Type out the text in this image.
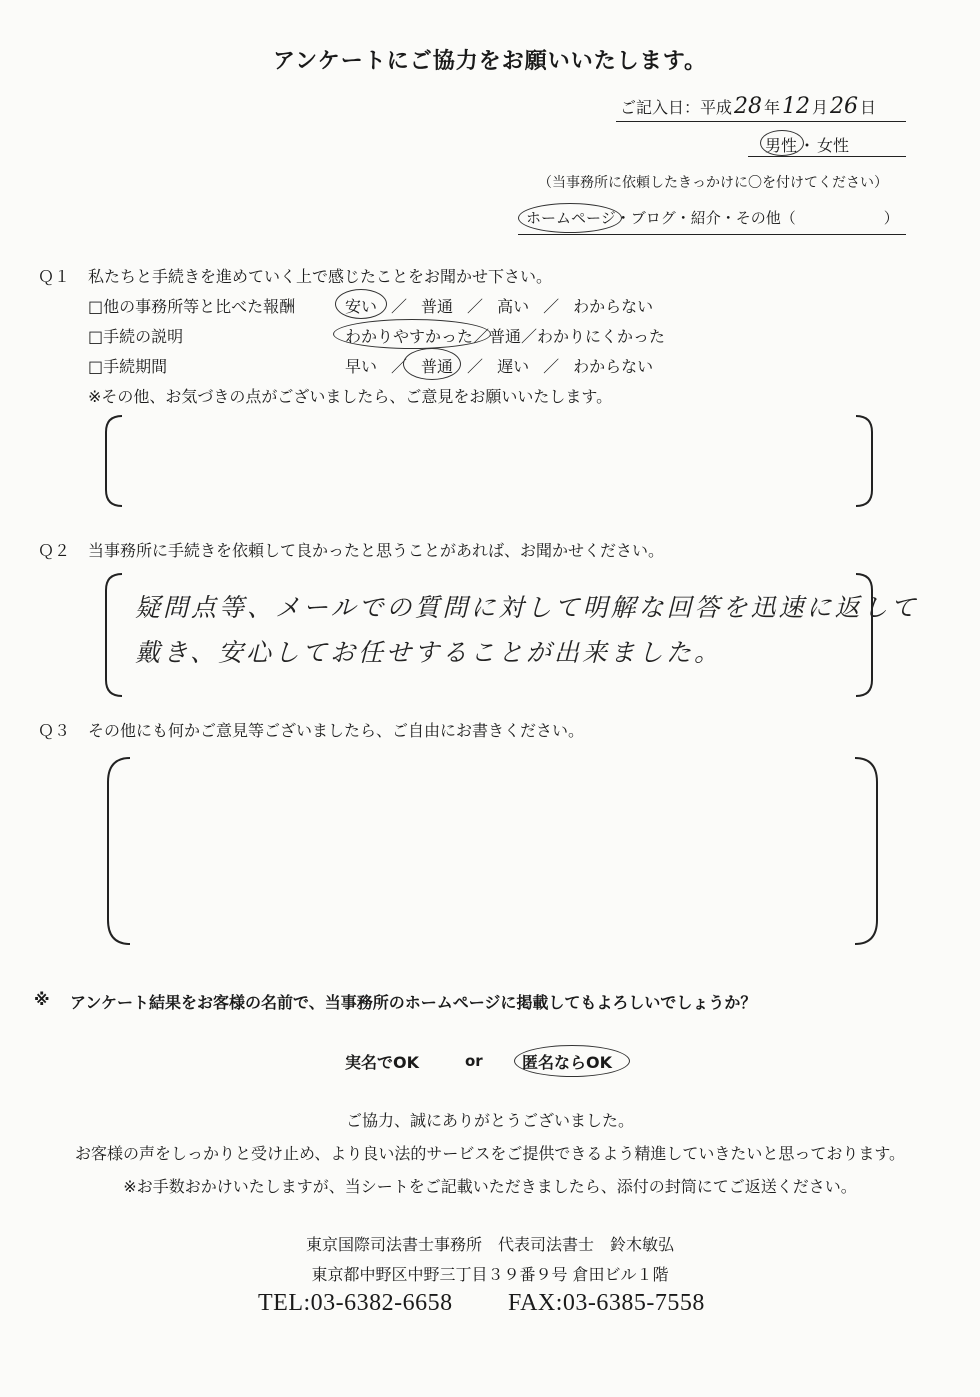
アンケートにご協力をお願いいたします。
ご記入日：平成28 年12 月26 日
男性 ・ 女性
（当事務所に依頼したきっかけに〇を付けてください）
ホームページ・ブログ・紹介・その他（	）
Ｑ１ 私たちと手続きを進めていく上で感じたことをお聞かせ下さい。
□他の事務所等と比べた報酬	安い ／ 普通 ／ 高い ／ わからない
□手続の説明	わかりやすかった／普通／わかりにくかった
□手続期間	早い ／ 普通 ／ 遅い ／ わからない
※その他、お気づきの点がございましたら、ご意見をお願いいたします。
Ｑ２ 当事務所に手続きを依頼して良かったと思うことがあれば、お聞かせください。
疑問点等、メールでの質問に対して明解な回答を迅速に返して
戴き、安心してお任せすることが出来ました。
Ｑ３ その他にも何かご意見等ございましたら、ご自由にお書きください。
※ アンケート結果をお客様の名前で、当事務所のホームページに掲載してもよろしいでしょうか？
実名でOK	or 匿名ならOK
ご協力、誠にありがとうございました。
お客様の声をしっかりと受け止め、より良い法的サービスをご提供できるよう精進していきたいと思っております。
※お手数おかけいたしますが、当シートをご記載いただきましたら、添付の封筒にてご返送ください。
東京国際司法書士事務所　代表司法書士　鈴木敏弘
東京都中野区中野三丁目３９番９号 倉田ビル１階
TEL:03-6382-6658 FAX:03-6385-7558
